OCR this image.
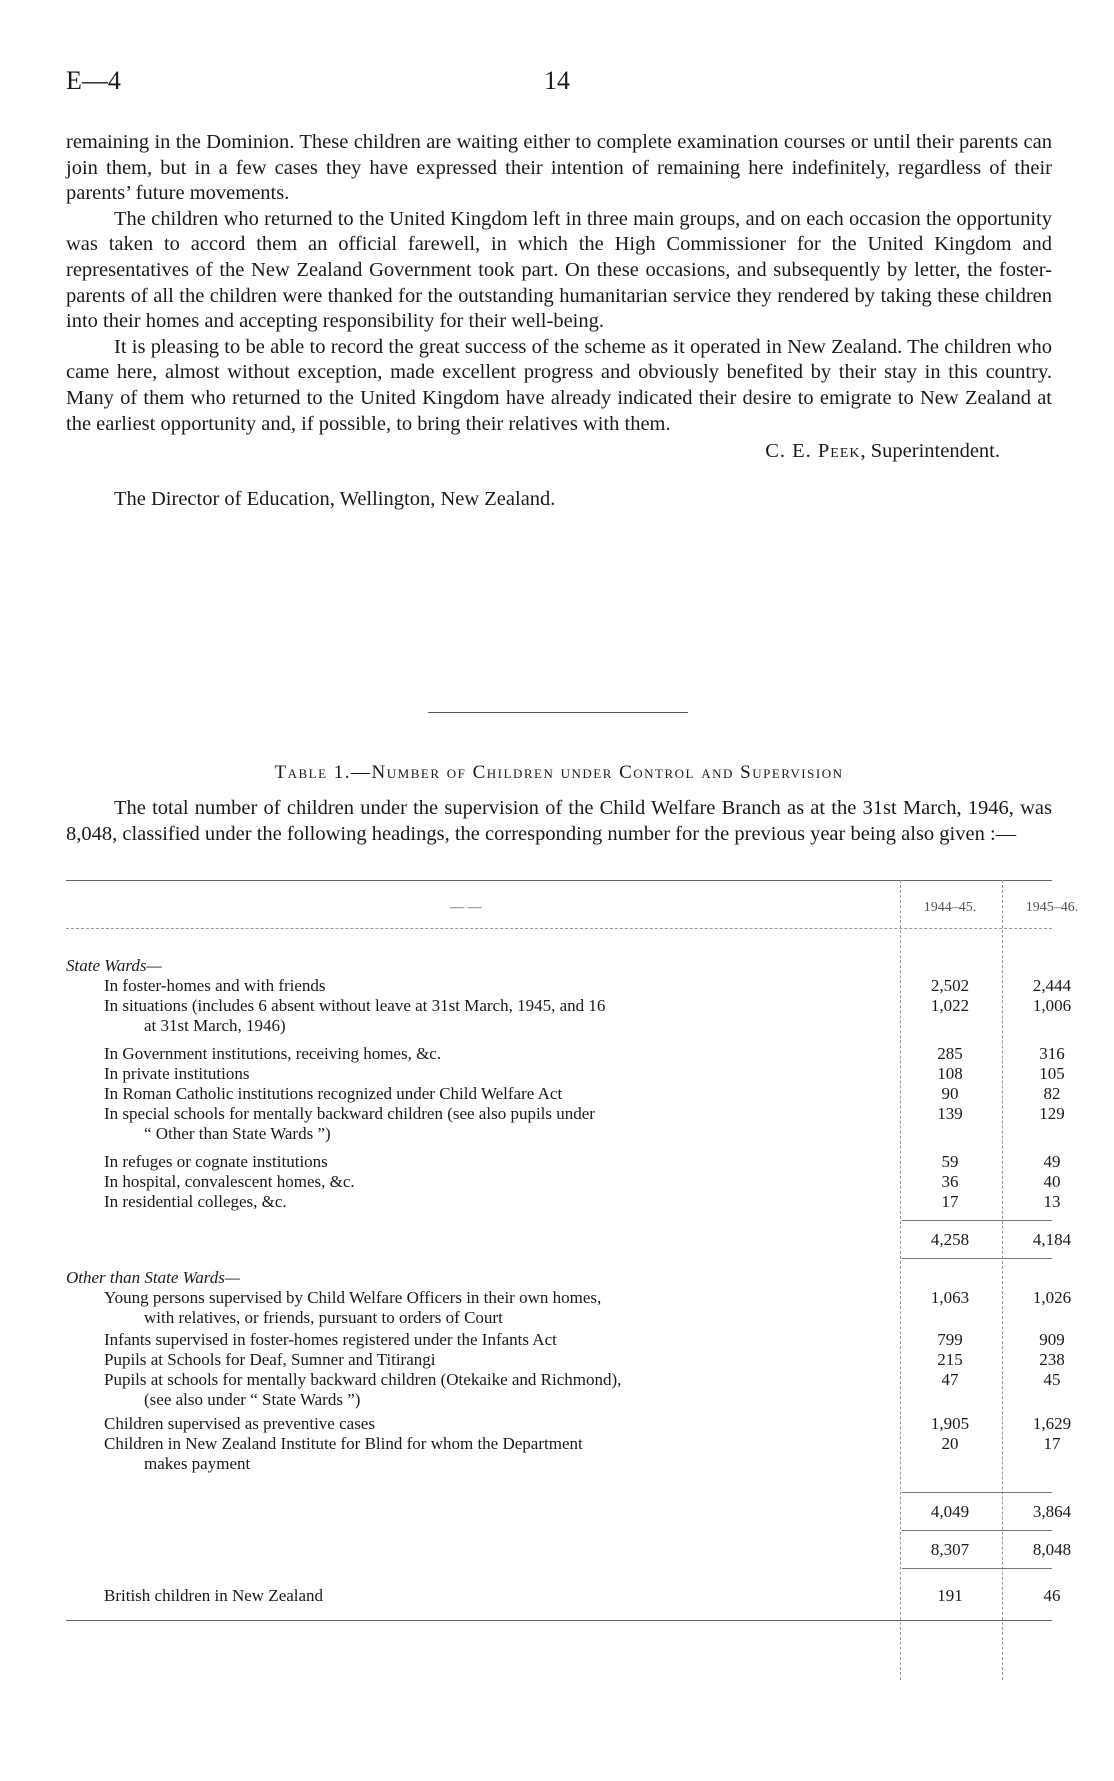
E—4	14

remaining in the Dominion. These children are waiting either to complete examination courses or until their parents can join them, but in a few cases they have expressed their intention of remaining here indefinitely, regardless of their parents’ future movements.

The children who returned to the United Kingdom left in three main groups, and on each occasion the opportunity was taken to accord them an official farewell, in which the High Commissioner for the United Kingdom and representatives of the New Zealand Government took part. On these occasions, and subsequently by letter, the foster-parents of all the children were thanked for the outstanding humanitarian service they rendered by taking these children into their homes and accepting responsibility for their well-being.

It is pleasing to be able to record the great success of the scheme as it operated in New Zealand. The children who came here, almost without exception, made excellent progress and obviously benefited by their stay in this country. Many of them who returned to the United Kingdom have already indicated their desire to emigrate to New Zealand at the earliest opportunity and, if possible, to bring their relatives with them.

C. E. Peek, Superintendent.
The Director of Education, Wellington, New Zealand.
Table 1.—Number of Children under Control and Supervision

The total number of children under the supervision of the Child Welfare Branch as at the 31st March, 1946, was 8,048, classified under the following headings, the corresponding number for the previous year being also given :—

— —	1944–45.	1945–46.
State Wards—
In foster-homes and with friends	2,502	2,444
In situations (includes 6 absent without leave at 31st March, 1945, and 16
at 31st March, 1946)
1,022	1,006
In Government institutions, receiving homes, &c.	285	316
In private institutions	108	105
In Roman Catholic institutions recognized under Child Welfare Act	90	82
In special schools for mentally backward children (see also pupils under
“ Other than State Wards ”)
139	129
In refuges or cognate institutions	59	49
In hospital, convalescent homes, &c.	36	40
In residential colleges, &c.	17	13
4,258	4,184
Other than State Wards—
Young persons supervised by Child Welfare Officers in their own homes,
with relatives, or friends, pursuant to orders of Court
1,063	1,026
Infants supervised in foster-homes registered under the Infants Act	799	909
Pupils at Schools for Deaf, Sumner and Titirangi	215	238
Pupils at schools for mentally backward children (Otekaike and Richmond),
(see also under “ State Wards ”)
47	45
Children supervised as preventive cases	1,905	1,629
Children in New Zealand Institute for Blind for whom the Department
makes payment
20	17
4,049	3,864
8,307	8,048
British children in New Zealand	191	46
